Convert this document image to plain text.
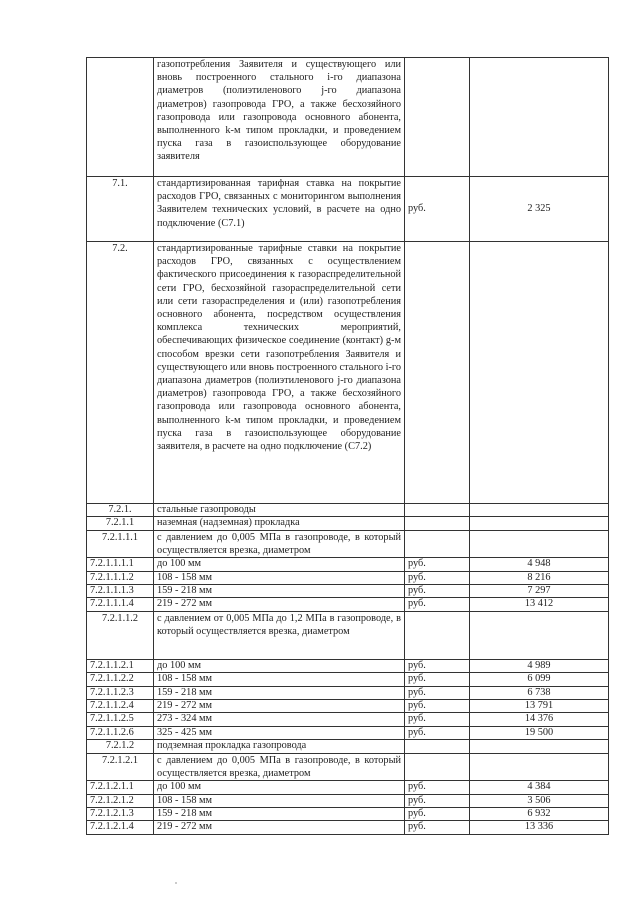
	газопотребления Заявителя и существующего или вновь построенного стального i-го диапазона диаметров (полиэтиленового j-го диапазона диаметров) газопровода ГРО, а также бесхозяйного газопровода или газопровода основного абонента, выполненного k-м типом прокладки, и проведением пуска газа в газоиспользующее оборудование заявителя		
7.1.	стандартизированная тарифная ставка на покрытие расходов ГРО, связанных с мониторингом выполнения Заявителем технических условий, в расчете на одно подключение (С7.1)	руб.	2 325
7.2.	стандартизированные тарифные ставки на покрытие расходов ГРО, связанных с осуществлением фактического присоединения к газораспределительной сети ГРО, бесхозяйной газораспределительной сети или сети газораспределения и (или) газопотребления основного абонента, посредством осуществления комплекса технических мероприятий, обеспечивающих физическое соединение (контакт) g-м способом врезки сети газопотребления Заявителя и существующего или вновь построенного стального i-го диапазона диаметров (полиэтиленового j-го диапазона диаметров) газопровода ГРО, а также бесхозяйного газопровода или газопровода основного абонента, выполненного k-м типом прокладки, и проведением пуска газа в газоиспользующее оборудование заявителя, в расчете на одно подключение (С7.2)		
7.2.1.	стальные газопроводы		
7.2.1.1	наземная (надземная) прокладка		
7.2.1.1.1	с давлением до 0,005 МПа в газопроводе, в который осуществляется врезка, диаметром		
7.2.1.1.1.1	до 100 мм	руб.	4 948
7.2.1.1.1.2	108 - 158 мм	руб.	8 216
7.2.1.1.1.3	159 - 218 мм	руб.	7 297
7.2.1.1.1.4	219 - 272 мм	руб.	13 412
7.2.1.1.2	с давлением от 0,005 МПа до 1,2 МПа в газопроводе, в который осуществляется врезка, диаметром		
7.2.1.1.2.1	до 100 мм	руб.	4 989
7.2.1.1.2.2	108 - 158 мм	руб.	6 099
7.2.1.1.2.3	159 - 218 мм	руб.	6 738
7.2.1.1.2.4	219 - 272 мм	руб.	13 791
7.2.1.1.2.5	273 - 324 мм	руб.	14 376
7.2.1.1.2.6	325 - 425 мм	руб.	19 500
7.2.1.2	подземная прокладка газопровода		
7.2.1.2.1	с давлением до 0,005 МПа в газопроводе, в который осуществляется врезка, диаметром		
7.2.1.2.1.1	до 100 мм	руб.	4 384
7.2.1.2.1.2	108 - 158 мм	руб.	3 506
7.2.1.2.1.3	159 - 218 мм	руб.	6 932
7.2.1.2.1.4	219 - 272 мм	руб.	13 336
